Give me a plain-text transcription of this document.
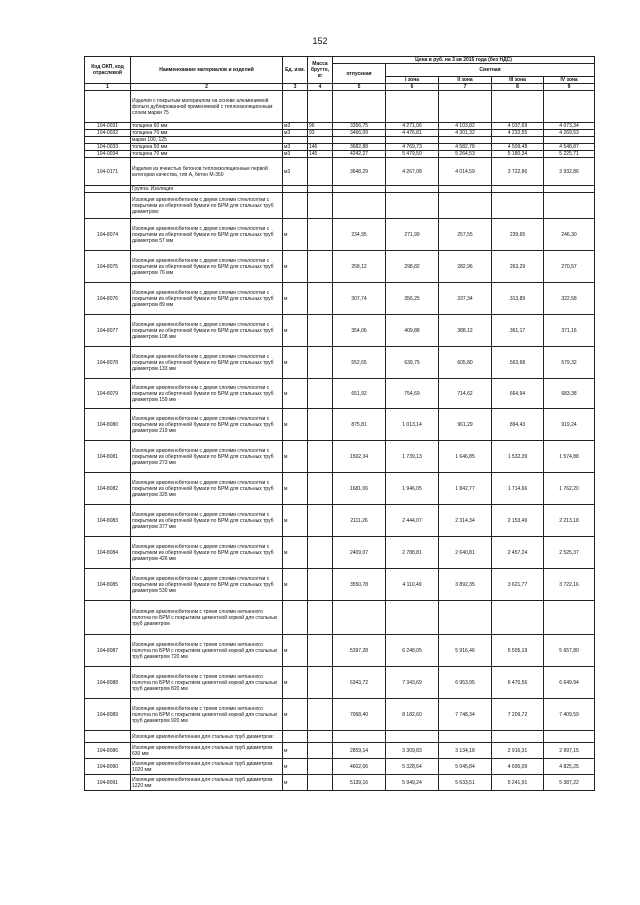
152
Код ОКП, код отраслевой	Наименование материалов и изделий	Ед. изм.	Масса брутто, кг	Цена в руб. на 3 кв 2015 года (без НДС)				
				отпускная	Сметная			
					I зона	II зона	III зона	IV зона
1	2	3	4	5	6	7	8	9
	Изделия с покрытым материалом на основе алюминиевой фольги дублированной применяемой с теплоизоляционным слоем марки 75							
104-0031	толщина 60 мм	м3	96	3356,75	4 271,06	4 103,82	4 037,69	4 073,34
104-0032	толщина 70 мм	м3	93	3466,09	4 476,81	4 301,32	4 232,55	4 269,53
	марки 100, 125							
104-0033	толщина 50 мм	м3	146	3682,88	4 769,73	4 582,78	4 509,48	4 548,87
104-0034	толщина 70 мм	м3	145	4242,27	5 479,50	5 264,53	5 180,34	5 225,71
104-0171	Изделия из ячеистых бетонов теплоизоляционные первой категории качества, тип А, бетон М-350	м3		3648,29	4 267,08	4 014,59	3 722,86	3 932,86
	Группа: Изоляция							
	Изоляция армопенобетоном с двумя слоями стеклосетки с покрытием из оберточной бумаги по БРМ для стальных труб диаметром:							
104-8074	Изоляция армопенобетоном с двумя слоями стеклосетки с покрытием из оберточной бумаги по БРМ для стальных труб диаметром 57 мм	м		234,95	271,99	257,55	239,65	246,30
104-8075	Изоляция армопенобетоном с двумя слоями стеклосетки с покрытием из оберточной бумаги по БРМ для стальных труб диаметром 76 мм	м		258,12	298,82	282,96	263,29	270,57
104-8076	Изоляция армопенобетоном с двумя слоями стеклосетки с покрытием из оберточной бумаги по БРМ для стальных труб диаметром 89 мм	м		307,74	356,25	337,34	313,89	322,58
104-8077	Изоляция армопенобетоном с двумя слоями стеклосетки с покрытием из оберточной бумаги по БРМ для стальных труб диаметром 108 мм	м		354,06	409,88	388,12	361,17	371,16
104-8078	Изоляция армопенобетоном с двумя слоями стеклосетки с покрытием из оберточной бумаги по БРМ для стальных труб диаметром 133 мм	м		552,65	639,75	605,80	563,68	579,32
104-8079	Изоляция армопенобетоном с двумя слоями стеклосетки с покрытием из оберточной бумаги по БРМ для стальных труб диаметром 159 мм	м		651,92	754,69	714,62	664,94	683,38
104-8080	Изоляция армопенобетоном с двумя слоями стеклосетки с покрытием из оберточной бумаги по БРМ для стальных труб диаметром 219 мм	м		875,81	1 013,14	961,29	894,43	919,24
104-8081	Изоляция армопенобетоном с двумя слоями стеклосетки с покрытием из оберточной бумаги по БРМ для стальных труб диаметром 273 мм	м		1502,34	1 739,13	1 646,85	1 532,39	1 574,88
104-8082	Изоляция армопенобетоном с двумя слоями стеклосетки с покрытием из оберточной бумаги по БРМ для стальных труб диаметром 325 мм	м		1681,06	1 946,05	1 842,77	1 714,66	1 762,20
104-8083	Изоляция армопенобетоном с двумя слоями стеклосетки с покрытием из оберточной бумаги по БРМ для стальных труб диаметром 377 мм	м		2111,26	2 444,07	2 314,34	2 153,49	2 213,18
104-8084	Изоляция армопенобетоном с двумя слоями стеклосетки с покрытием из оберточной бумаги по БРМ для стальных труб диаметром 426 мм	м		2409,07	2 788,81	2 640,81	2 457,24	2 525,37
104-8085	Изоляция армопенобетоном с двумя слоями стеклосетки с покрытием из оберточной бумаги по БРМ для стальных труб диаметром 530 мм	м		3550,78	4 110,49	3 892,35	3 621,77	3 722,16
	Изоляция армопенобетоном с тремя слоями нетканного полотна по БРМ с покрытием цементной коркой для стальных труб диаметром							
104-8087	Изоляция армопенобетоном с тремя слоями нетканного полотна по БРМ с покрытием цементной коркой для стальных труб диаметром 720 мм	м		5397,28	6 248,05	5 916,46	5 505,19	5 657,80
104-8088	Изоляция армопенобетоном с тремя слоями нетканного полотна по БРМ с покрытием цементной коркой для стальных труб диаметром 820 мм	м		6343,72	7 343,69	6 953,95	6 470,56	6 649,94
104-8089	Изоляция армопенобетоном с тремя слоями нетканного полотна по БРМ с покрытием цементной коркой для стальных труб диаметром 920 мм	м		7068,40	8 182,60	7 748,34	7 209,72	7 409,59
	Изоляция армопенобетонная для стальных труб диаметром:							
104-8086	Изоляция армопенобетонная для стальных труб диаметром 630 мм	м		2859,14	3 309,83	3 134,18	2 916,31	2 997,15
104-8090	Изоляция армопенобетонная для стальных труб диаметром 1020 мм	м		4602,06	5 328,64	5 045,84	4 695,09	4 825,25
104-8091	Изоляция армопенобетонная для стальных труб диаметром 1220 мм	м		5139,16	5 949,24	5 633,51	5 241,91	5 387,22
